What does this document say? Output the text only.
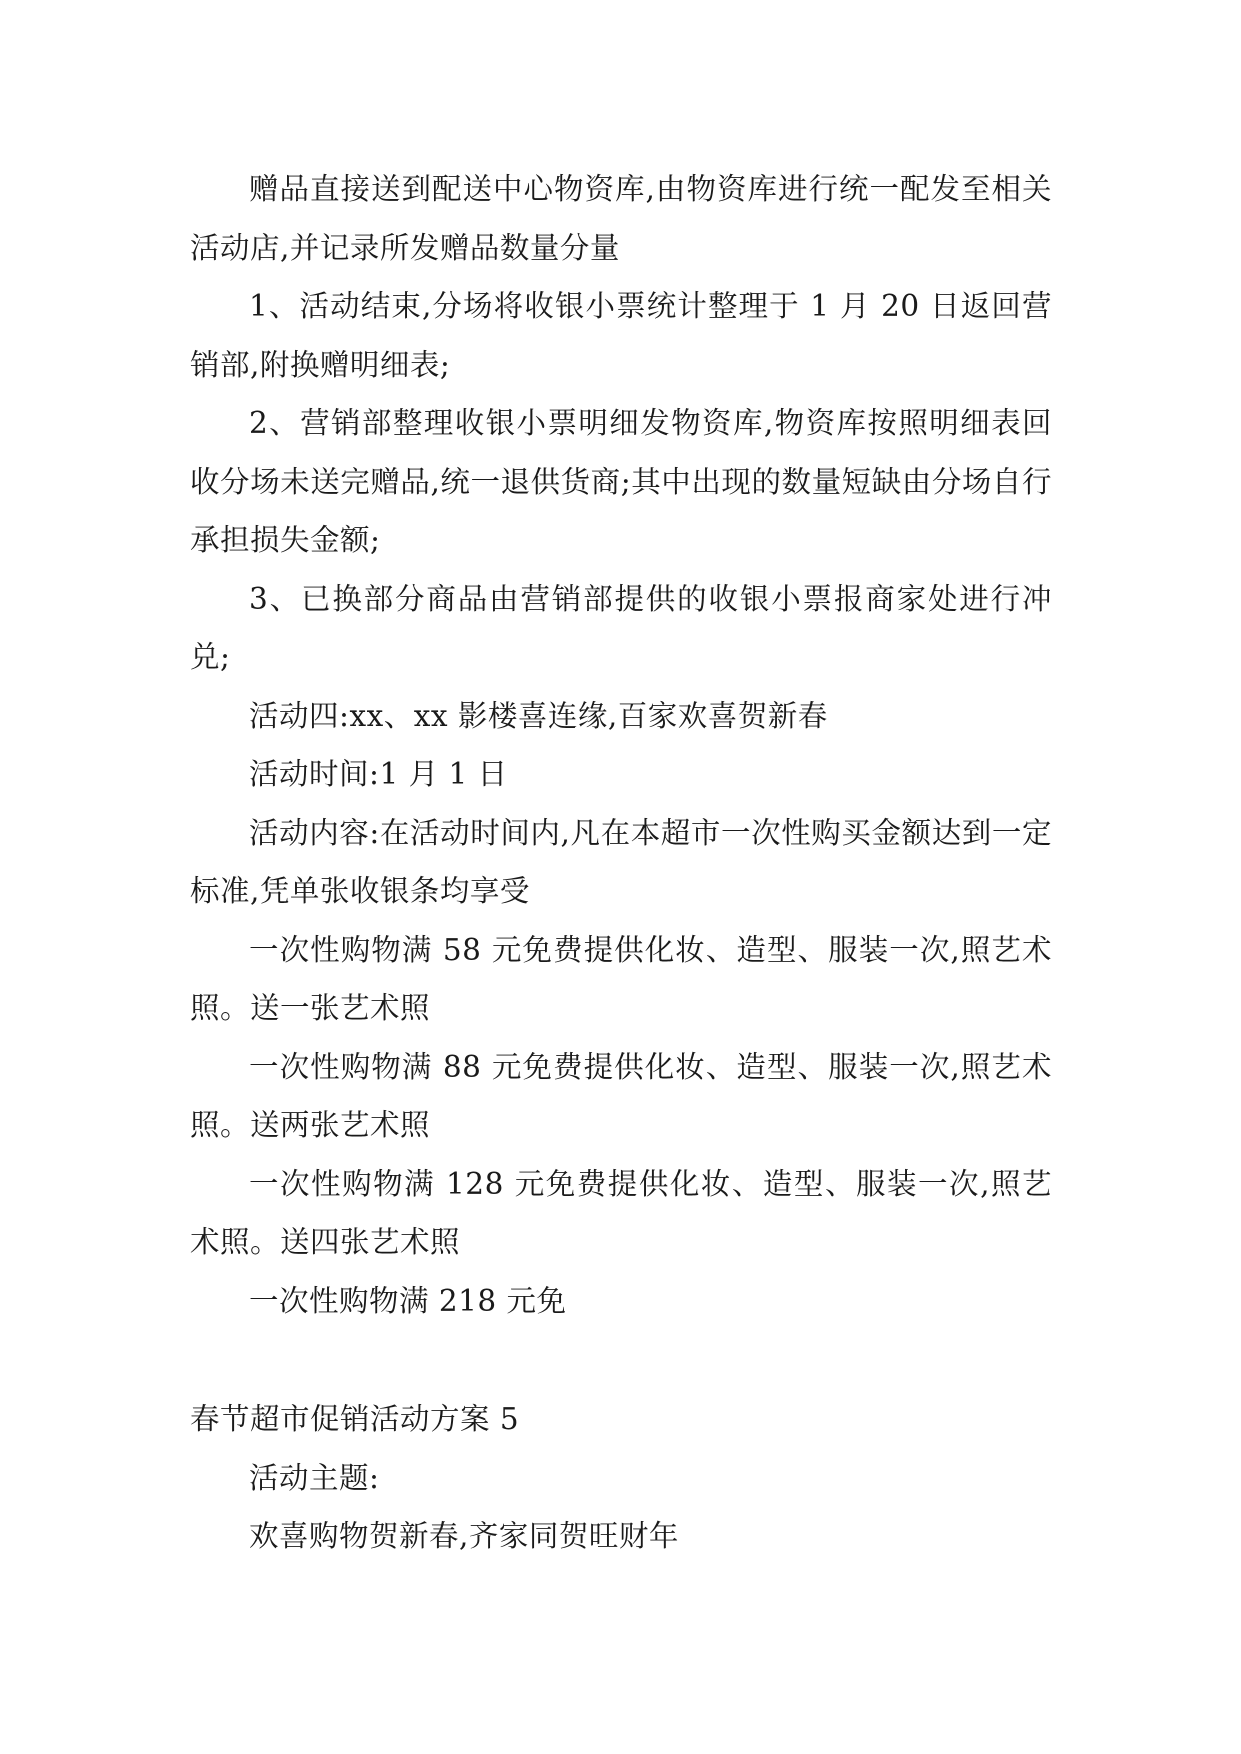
赠品直接送到配送中心物资库,由物资库进行统一配发至相关活动店,并记录所发赠品数量分量

1、活动结束,分场将收银小票统计整理于 1 月 20 日返回营销部,附换赠明细表;

2、营销部整理收银小票明细发物资库,物资库按照明细表回收分场未送完赠品,统一退供货商;其中出现的数量短缺由分场自行承担损失金额;

3、已换部分商品由营销部提供的收银小票报商家处进行冲兑;

活动四:xx、xx 影楼喜连缘,百家欢喜贺新春

活动时间:1 月 1 日

活动内容:在活动时间内,凡在本超市一次性购买金额达到一定标准,凭单张收银条均享受

一次性购物满 58 元免费提供化妆、造型、服装一次,照艺术照。送一张艺术照

一次性购物满 88 元免费提供化妆、造型、服装一次,照艺术照。送两张艺术照

一次性购物满 128 元免费提供化妆、造型、服装一次,照艺术照。送四张艺术照

一次性购物满 218 元免

春节超市促销活动方案 5

活动主题:

欢喜购物贺新春,齐家同贺旺财年
